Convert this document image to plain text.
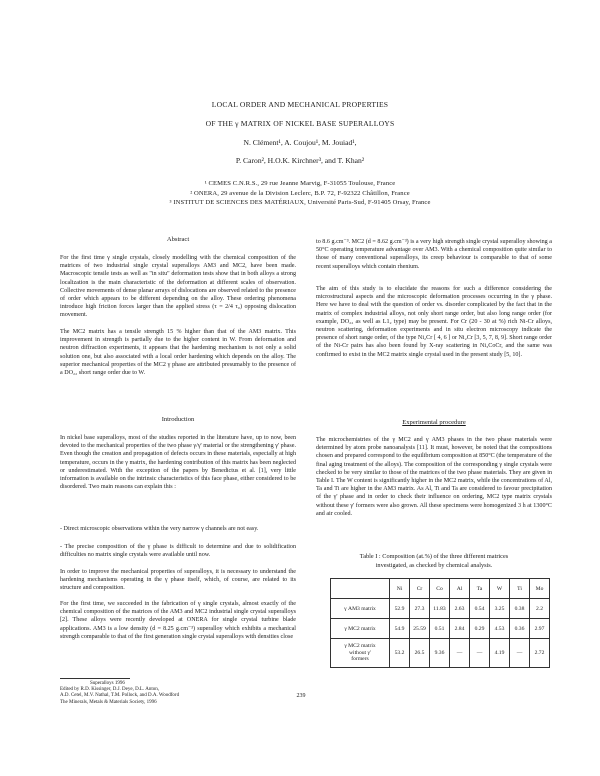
LOCAL ORDER AND MECHANICAL PROPERTIES
OF THE γ MATRIX OF NICKEL BASE SUPERALLOYS
N. Clément¹, A. Coujou¹, M. Jouiad¹,
P. Caron², H.O.K. Kirchner³, and T. Khan²
¹ CEMES C.N.R.S., 29 rue Jeanne Marvig, F-31055 Toulouse, France
² ONERA, 29 avenue de la Division Leclerc, B.P. 72, F-92322 Châtillon, France
³ INSTITUT DE SCIENCES DES MATÉRIAUX, Université Paris-Sud, F-91405 Orsay, France
Abstract
For the first time γ single crystals, closely modelling with the chemical composition of the matrices of two industrial single crystal superalloys AM3 and MC2, have been made. Macroscopic tensile tests as well as "in situ" deformation tests show that in both alloys a strong localization is the main characteristic of the deformation at different scales of observation. Collective movements of dense planar arrays of dislocations are observed related to the presence of order which appears to be different depending on the alloy. These ordering phenomena introduce high friction forces larger than the applied stress (τ = 2/4 τ₀) opposing dislocation movement.
The MC2 matrix has a tensile strength 15 % higher than that of the AM3 matrix. This improvement in strength is partially due to the higher content in W. From deformation and neutron diffraction experiments, it appears that the hardening mechanism is not only a solid solution one, but also associated with a local order hardening which depends on the alloy. The superior mechanical properties of the MC2 γ phase are attributed presumably to the presence of a DO₂₂ short range order due to W.
Introduction
In nickel base superalloys, most of the studies reported in the literature have, up to now, been devoted to the mechanical properties of the two phase γ/γ' material or the strengthening γ' phase. Even though the creation and propagation of defects occurs in these materials, especially at high temperature, occurs in the γ matrix, the hardening contribution of this matrix has been neglected or underestimated. With the exception of the papers by Benedictus et al. [1], very little information is available on the intrinsic characteristics of this face phase, either considered to be disordered. Two main reasons can explain this :
- Direct microscopic observations within the very narrow γ channels are not easy.
- The precise composition of the γ phase is difficult to determine and due to solidification difficulties no matrix single crystals were available until now.
In order to improve the mechanical properties of superalloys, it is necessary to understand the hardening mechanisms operating in the γ phase itself, which, of course, are related to its structure and composition.
For the first time, we succeeded in the fabrication of γ single crystals, almost exactly of the chemical composition of the matrices of the AM3 and MC2 industrial single crystal superalloys [2]. These alloys were recently developed at ONERA for single crystal turbine blade applications. AM3 is a low density (d = 8.25 g.cm⁻³) superalloy which exhibits a mechanical strength comparable to that of the first generation single crystal superalloys with densities close
Superalloys 1996
Edited by R.D. Kissinger, D.J. Deye, D.L. Anton,
A.D. Cetel, M.V. Nathal, T.M. Pollock, and D.A. Woodford
The Minerals, Metals & Materials Society, 1996
to 8.6 g.cm⁻³. MC2 (d = 8.62 g.cm⁻³) is a very high strength single crystal superalloy showing a 50°C operating temperature advantage over AM3. With a chemical composition quite similar to those of many conventional superalloys, its creep behaviour is comparable to that of some recent superalloys which contain rhenium.
The aim of this study is to elucidate the reasons for such a difference considering the microstructural aspects and the microscopic deformation processes occurring in the γ phase. Here we have to deal with the question of order vs. disorder complicated by the fact that in the matrix of complex industrial alloys, not only short range order, but also long range order (for example, DO₂₂ as well as L1₂ type) may be present. For Cr (20 - 30 at %) rich Ni-Cr alloys, neutron scattering, deformation experiments and in situ electron microscopy indicate the presence of short range order, of the type Ni₂Cr [ 4, 6 ] or Ni₂Cr [3, 5, 7, 8, 9]. Short range order of the Ni-Cr pairs has also been found by X-ray scattering in Ni₃CoCr, and the same was confirmed to exist in the MC2 matrix single crystal used in the present study [5, 10].
Experimental procedure
The microchemistries of the γ MC2 and γ AM3 phases in the two phase materials were determined by atom probe nanoanalysis [11]. It must, however, be noted that the compositions chosen and prepared correspond to the equilibrium composition at 850°C (the temperature of the final aging treatment of the alloys). The composition of the corresponding γ single crystals were checked to be very similar to those of the matrices of the two phase materials. They are given in Table I. The W content is significantly higher in the MC2 matrix, while the concentrations of Al, Ta and Ti are higher in the AM3 matrix. As Al, Ti and Ta are considered to favour precipitation of the γ' phase and in order to check their influence on ordering, MC2 type matrix crystals without these γ' formers were also grown. All these specimens were homogenized 3 h at 1300°C and air cooled.
Table I : Composition (at.%) of the three different matrices
investigated, as checked by chemical analysis.
	Ni	Cr	Co	Al	Ta	W	Ti	Mo
γ AM3 matrix	52.9	27.3	11.83	2.63	0.54	3.25	0.38	2.2
γ MC2 matrix	54.9	25.59	0.51	2.84	0.29	4.53	0.36	2.97

γ MC2 matrix
without γ'
formers	53.2	26.5	9.36	—	—	4.19	—	2.72
239
